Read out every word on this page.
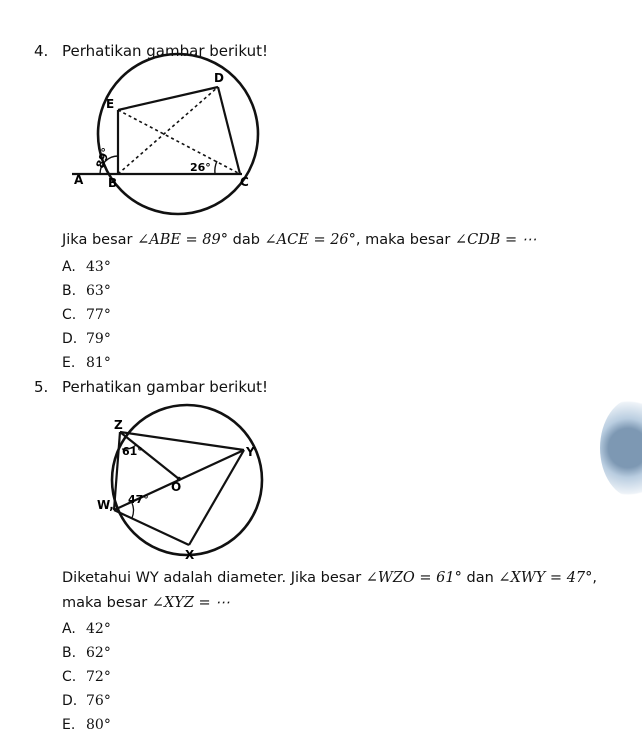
4. Perhatikan gambar berikut!
A B	C
D
E
89°	26°
Jika besar ∠ABE = 89° dab ∠ACE = 26°, maka besar ∠CDB = ⋯
A. 43°
B. 63°
C. 77°
D. 79°
E. 81°
5. Perhatikan gambar berikut!
Z
Y
O
W,
X
61°
47°
Diketahui WY adalah diameter. Jika besar ∠WZO = 61° dan ∠XWY = 47°,
maka besar ∠XYZ = ⋯
A. 42°
B. 62°
C. 72°
D. 76°
E. 80°
